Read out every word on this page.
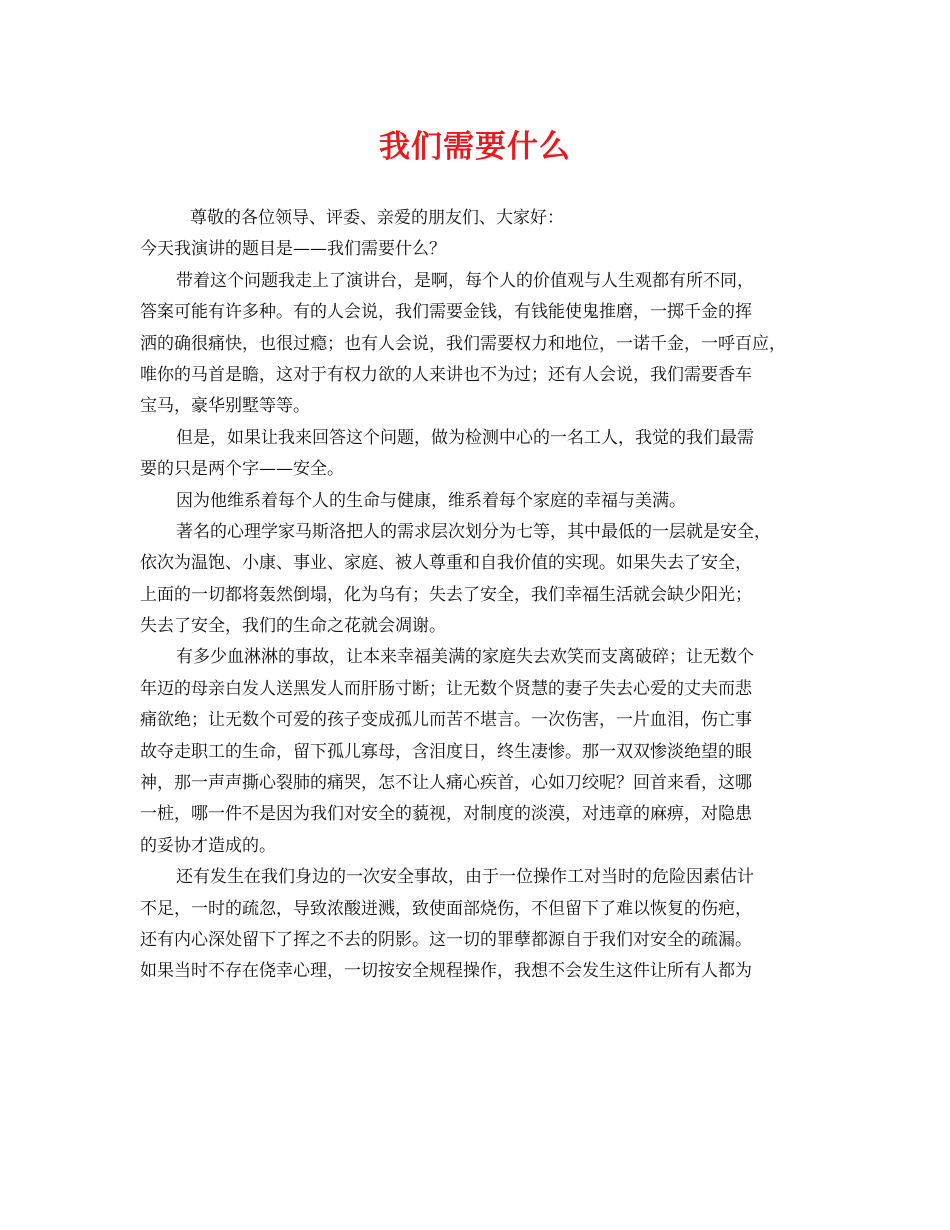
我们需要什么
尊敬的各位领导、评委、亲爱的朋友们、大家好：
今天我演讲的题目是——我们需要什么？
带着这个问题我走上了演讲台，是啊，每个人的价值观与人生观都有所不同，
答案可能有许多种。有的人会说，我们需要金钱，有钱能使鬼推磨，一掷千金的挥
洒的确很痛快，也很过瘾；也有人会说，我们需要权力和地位，一诺千金，一呼百应，
唯你的马首是瞻，这对于有权力欲的人来讲也不为过；还有人会说，我们需要香车
宝马，豪华别墅等等。
但是，如果让我来回答这个问题，做为检测中心的一名工人，我觉的我们最需
要的只是两个字——安全。
因为他维系着每个人的生命与健康，维系着每个家庭的幸福与美满。
著名的心理学家马斯洛把人的需求层次划分为七等，其中最低的一层就是安全，
依次为温饱、小康、事业、家庭、被人尊重和自我价值的实现。如果失去了安全，
上面的一切都将轰然倒塌，化为乌有；失去了安全，我们幸福生活就会缺少阳光；
失去了安全，我们的生命之花就会凋谢。
有多少血淋淋的事故，让本来幸福美满的家庭失去欢笑而支离破碎；让无数个
年迈的母亲白发人送黑发人而肝肠寸断；让无数个贤慧的妻子失去心爱的丈夫而悲
痛欲绝；让无数个可爱的孩子变成孤儿而苦不堪言。一次伤害，一片血泪，伤亡事
故夺走职工的生命，留下孤儿寡母，含泪度日，终生凄惨。那一双双惨淡绝望的眼
神，那一声声撕心裂肺的痛哭，怎不让人痛心疾首，心如刀绞呢？回首来看，这哪
一桩，哪一件不是因为我们对安全的藐视，对制度的淡漠，对违章的麻痹，对隐患
的妥协才造成的。
还有发生在我们身边的一次安全事故，由于一位操作工对当时的危险因素估计
不足，一时的疏忽，导致浓酸迸溅，致使面部烧伤，不但留下了难以恢复的伤疤，
还有内心深处留下了挥之不去的阴影。这一切的罪孽都源自于我们对安全的疏漏。
如果当时不存在侥幸心理，一切按安全规程操作，我想不会发生这件让所有人都为
